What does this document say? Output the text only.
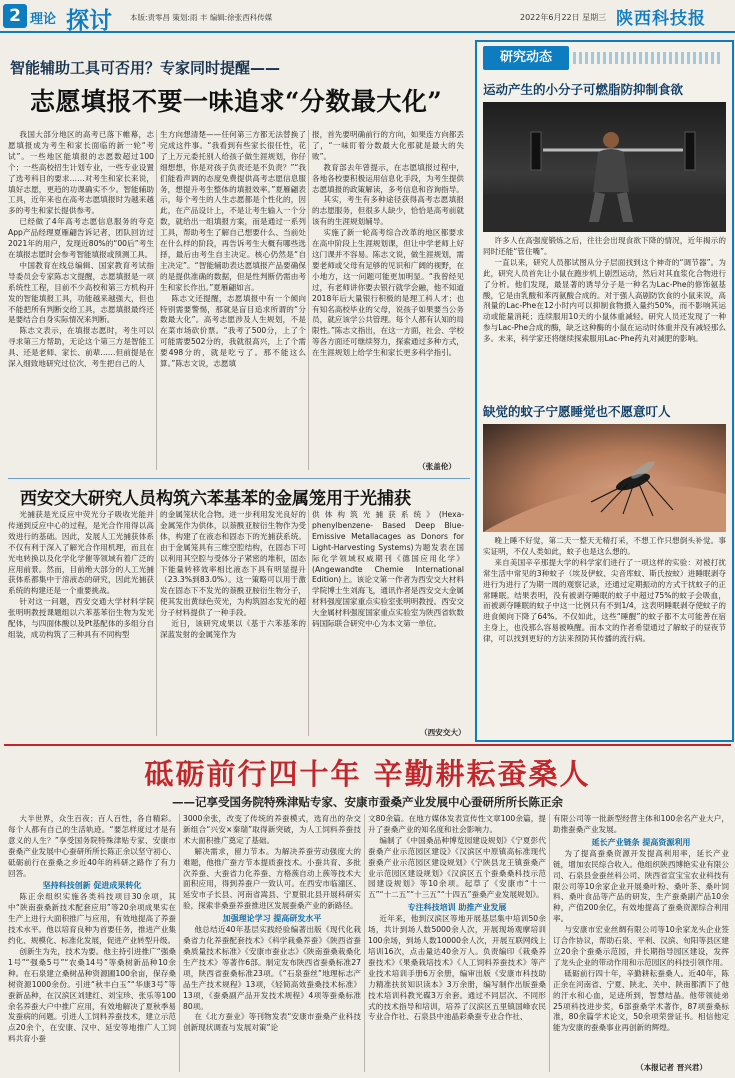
2 理论 探讨 本版:责零昌 策划:雨 丰 编辑:徐张西科传媒	2022年6月22日 星期三 陕西科技报
智能辅助工具可否用？专家同时提醒——
志愿填报不要一味追求“分数最大化”

我国大部分地区的高考已落下帷幕，志愿填报成为考生和家长面临的新一轮“考试”。一些地区能填报的志愿数超过100个；一些高校招生计划专业，一些专业设置了选考科目的要求……对考生和家长来说，填好志愿，更趋的功课确实不少。智能辅助工具，近年来也在高考志愿填报时为越来越多的考生和家长提供参考。

已经做了4年高考志愿信息服务的夸克App产品经理夏雁翩告诉记者，团队回访过2021年的用户，发现近80%的“00后”考生在填报志愿时会参考智能填报或预测工具。

中国教育在线总编辑、国家教育考试指导委员会专家陈志文提醒，志愿填报是一项系统性工程，目前不少高校和第三方机构开发的智能填报工具，功能越来越强大，但也不能把所有判断交给工具，志愿填报最终还是要结合自身实际情况来判断。

陈志文表示，在填报志愿时，考生可以寻求第三方帮助，无论这个第三方是智能工具、还是老师、家长、前辈……但前提是在深入细致地研究过位次、考生把自己的人

生方向想清楚——任何第三方都无法替换了完成这件事。“我看到有些家长很任性，花了上万元委托别人给孩子做生涯规划，你仔细想想，你是对孩子负责还是不负责？”“我们能看声调的态度免费提供高考志愿信息服务，想提升考生整体的填报效率。”夏雁翩表示，每个考生的人生志愿都是个性化的，因此，在产品设计上，不是让考生输入一个分数，就给出一组填报方案，而是通过一系列工具，帮助考生了解自己想要什么、当前处在什么样的阶段，再告诉考生大概有哪些选择，最后由考生自主决定。核心仍然是“自主决定”。“智能辅助表达愿填报产品要确保的是提供准确的数据，但是性判断仍需由考生和家长作出。”夏雁翩如言。

陈志文还提醒，志愿填报中有一个倾向特别需要警惕，那就是盲目追求所谓的“分数最大化”。高考志愿涉及人生规划，不是在菜市场砍价票。“我考了500分，上了个可能需要502分的，我就很高兴，上了个需要498分的，就是吃亏了。那不能这么算。”陈志文说，志愿填

报，首先要明确前行的方向，如果连方向都丢了，“一味盯着分数最大化那就是最大的失败”。

教育部去年曾提示，在志愿填报过程中，各地各校要积极运用信息化手段，为考生提供志愿填报的政策解读，多考信息和咨询指导。

其实，考生有多种途径获得高考志愿填报的志愿服务，但很多人缺少，恰恰是高考前就该有的生涯规划辅导。

实施了新一轮高考综合改革的地区都要求在高中阶段上生涯规划课，但让中学老师上好这门课并不容易。陈志文说，做生涯规划，需要老师或父母有足够的见识和广阔的视野，在小地方，这一问题可能更加明显。“我曾经见过，有老师讲你要去银行就学会融，他不知道2018年后大量银行积极的是理工科人才；也有知名高校毕业的父母，说孩子如果要当公务员，就应该学公共管理。每个人都有认知的局限性。”陈志文指出，在这一方面，社会、学校等各方面还可继续努力，探索通过多种方式，在生涯规划上给学生和家长更多科学指引。

（张盖伦）
研究动态
运动产生的小分子可燃脂防抑制食欲

许多人在高强度锻炼之后，往往会出现食欲下降的情况，近年揭示的同时还能“管住嘴”。

一直以来，研究人员都试图从分子层面找到这个神奇的“调节器”。为此，研究人员首先让小鼠在跑步机上剧烈运动，然后对其血浆化合物进行了分析。他们发现，最显著的诱导分子是一种名为Lac-Phe的修饰氨基酸，它是由乳酸和苯丙氨酸合成的。对于强人高剧防饮食的小鼠来说，高剂量的Lac-Phe在12小时内可以抑制食物摄入量约50%，而不影响其运动或能量消耗；连续服用10天的小鼠体重减轻。研究人员还发现了一种参与Lac-Phe合成的酶，缺乏这种酶的小鼠在运动时体重并没有减轻那么多。未来，科学家还将继续探索服用Lac-Phe药丸对减肥的影响。

缺觉的蚊子宁愿睡觉也不愿意叮人

晚上睡不好觉，第二天一整天无精打采，不想工作只想倒头补觉。事实证明，不仅人类如此，蚊子也是这么想的。

来自美国辛辛那提大学的科学家们进行了一项这样的实验：对被打扰常生活中常见的3种蚊子（埃及伊蚊、尖音库蚊、斯氏按蚊）进睡眠剥夺进行为进行了为期一周的观察记录，还通过定期振动的方式干扰蚊子的正常睡眠。结果表明，没有被剥夺睡眠的蚊子中超过75%的蚊子会吸血，而被剥夺睡眠的蚊子中这一比例只有不到1/4，这表明睡眠剥夺使蚊子的进食倾向下降了64%。不仅如此，这些“睡醒”的蚊子都不太可能善在宿主身上，也没那么容易被唤醒。而本文的作者希望通过了解蚊子的昼夜节律，可以找到更好的方法来预防其传播的流行病。

西安交大研究人员构筑六苯基苯的金属笼用于光捕获

光捕获是光反应中荧光分子吸收光能并传递到反应中心的过程，是光合作用得以高效进行的基础。因此，发展人工光捕获体系不仅有利于深入了解光合作用机理，而且在光电转换以及化学化学催等领域有着广泛的应用前景。然而，目前绝大部分的人工光捕获体系都集中于溶液态的研究，因此光捕获系统的构建还是一个重要挑战。

针对这一问题，西安交通大学材料学院张明明教授课题组以六苯基苯衍生物为发光配体，与四面体酸以及Pt基配体的多组分自组装，成功构筑了三种具有不同构型

的金属笼状化合物。进一步利用发光良好的金属笼作为供体，以萘酰亚胺衍生物作为受体，构建了在液态和固态下的光捕获系统。由于金属笼具有三维空腔结构，在固态下可以利用其空腔与受体分子紧密的堆积，固态下能量转移效率相比液态下具有明显提升（23.3%到83.0%）。这一策略可以用于激发在固态下不发光的萘酰亚胺衍生物分子，使其发出黄绿色荧光，为构筑固态发光的超分子材料提供了一种手段。

近日，该研究成果以《基于六苯基苯的深蓝发射的金属笼作为

供体构筑光捕获系统》(Hexa-phenylbenzene- Based Deep Blue- Emissive Metallacages as Donors for Light-Harvesting Systems)为题发表在国际化学领域权威期刊《德国应用化学》(Angewandte Chemie International Edition)上。该论文第一作者为西安交大材料学院博士生刘海飞，通讯作者是西安交大金属材料强度国家重点实验室张明明教授。西安交大金属材料强度国家重点实验室为陕西省软数码国际联合研究中心为本文第一单位。

（西安交大）
砥砺前行四十年 辛勤耕耘蚕桑人
——记享受国务院特殊津贴专家、安康市蚕桑产业发展中心蚕研所所长陈正余

大半世界，众生百夜；百人百性，各自精彩。每个人都有自己的生活轨迹。“要怎样度过才是有意义的人生？”享受国务院特殊津贴专家、安康市蚕桑产业发展中心蚕研所所长陈正余以坚守初心、砥砺前行在蚕桑之乡近40年的科研之路作了有力回答。

坚持科技创新 促进成果转化

陈正余组织实施各类科技项目30余项，其中“陕南蚕桑新技术配套应用”等20余项成果实在生产上进行大面积推广与应用，有效地提高了养蚕技术水平。他以培育良种为首要任务，推进产业集约化、规模化、标准化发展，促进产业转型升级。

创新生为先，技术为要。他主持引进推广“强桑1号”“强桑5号”“农桑14号”等桑树新品种10余种。在石泉建立桑树品种资源圃100余亩，保存桑树资源1000余份。引进“秋丰白玉”“华康3号”等蚕新品种，在汉滨区刘建红、刘宝珍、张乐等100余名养蚕大户中推广应用，有效地解决了夏秋季易发蚕病的问题。引进人工饲料养蚕技术，建立示范点20余个，在安康、汉中、延安等地推广人工饲料共育小蚕

3000余张，改变了传统的养蚕模式，选育出的杂交新组合“兴安×秦瑞”取得新突破，为人工饲料养蚕技术大面积推广奠定了基础。

解决需求，留力节本。为解决养蚕劳动强度大的难题，他推广蚕方节本提质蚕技术。小蚕共育、多批次养蚕、大蚕省力化养蚕、方格蔟自动上蔟等技术大面积应用，得到养蚕户一致认可。在西安市临潼区、延安市子长县、河南省嵩县、宁夏银北县开展科研实验，探索非桑蚕养蚕推进区发展蚕桑产业的新路径。

加强理论学习 提高研发水平

他总结近40年基层实践经验编著出版《现代化栽桑省力化养蚕配套技术》《科学栽桑养蚕》《陕西省蚕桑质量技术标准》《安康市蚕业志》《陕南蚕桑栽桑化生产技术》等著作6部。制定发布陕西省蚕桑标准27项，陕西省蚕桑标准23项。《“石泉蚕丝”地理标志产品生产技术规程》13项，《轻简高效蚕桑技术标准》13项，《蚕桑副产品开发技术规程》4项等蚕桑标准80项。

在《北方蚕业》等刊物发表“安康市蚕桑产业科技创新现状调查与发展对策”论

文80余篇。在地方媒体发表宣传性文章100余篇，提升了蚕桑产业的知名度和社会影响力。

编制了《中国桑品种博览园建设规划》《宁夏彭代蚕桑产业示范园区建设》《汉滨区中原镇高标准现代蚕桑产业示范园区建设规划》《宁陕县龙王镇蚕桑产业示范园区建设规划》《汉滨区五个蚕桑桑科技示范园建设规划》等10余项。起草了《安康市“十一五”“十二五”“十三五”“十四五”蚕桑产业发展规划》。

专注科技培训 助推产业发展

近年来，他到汉滨区等地开展基层集中培训50余场，共计到场人数5000余人次，开展现场观摩培训100余场，到场人数10000余人次，开展互联网线上培训16次，点击量达40余万人。负责编印《栽桑养蚕技术》《果桑栽培技术》《人工饲料养蚕技术》等产业技术培训手册6万余册，编审出版《安康市科技助力精准扶贫知识读本》3万余册，编写制作出版蚕桑技术培训科教光碟3万余套。通过不同层次、不同形式的技术指导和培训，培养了汉滨区五里镇国峰农民专业合作社、石泉县中池晶彩桑蚕专业合作社、

有限公司等一批新型经营主体和100余名产业大户，助推蚕桑产业发展。

延长产业链条 提高资源利用

为了提高蚕桑资源开发提高利用率，延长产业链，增加农民综合收入。他组织陕西博艳实业有限公司、石泉县金蚕丝科公司、陕西省宣宝宝农业科技有限公司等10余家企业开展桑叶粉、桑叶茶、桑叶饲料、桑叶食品等产品的研发，生产蚕桑副产品10余种，产值200余亿，有效地提高了蚕桑资源综合利用率。

与安康市宏业丝绸有限公司等10余家龙头企业签订合作协议，帮助石泉、平利、汉滨、旬阳等县区建立20余个蚕桑示范园，并长期指导园区建设，发挥了龙头企业的带动作用和示范园区的科技引领作用。

砥砺前行四十年，辛勤耕耘蚕桑人。近40年，陈正余在河南省、宁夏、陕北、关中、陕南都洒下了他的汗水和心血，足迹所到，智慧结晶。他带领徒弟25项科技进步奖，6部蚕桑学术著作，87项蚕桑标准，80余篇学术论文，50余项荣誉证书。相信他定能为安康的蚕桑事业再创新的辉煌。

（本报记者 晋兴君）
